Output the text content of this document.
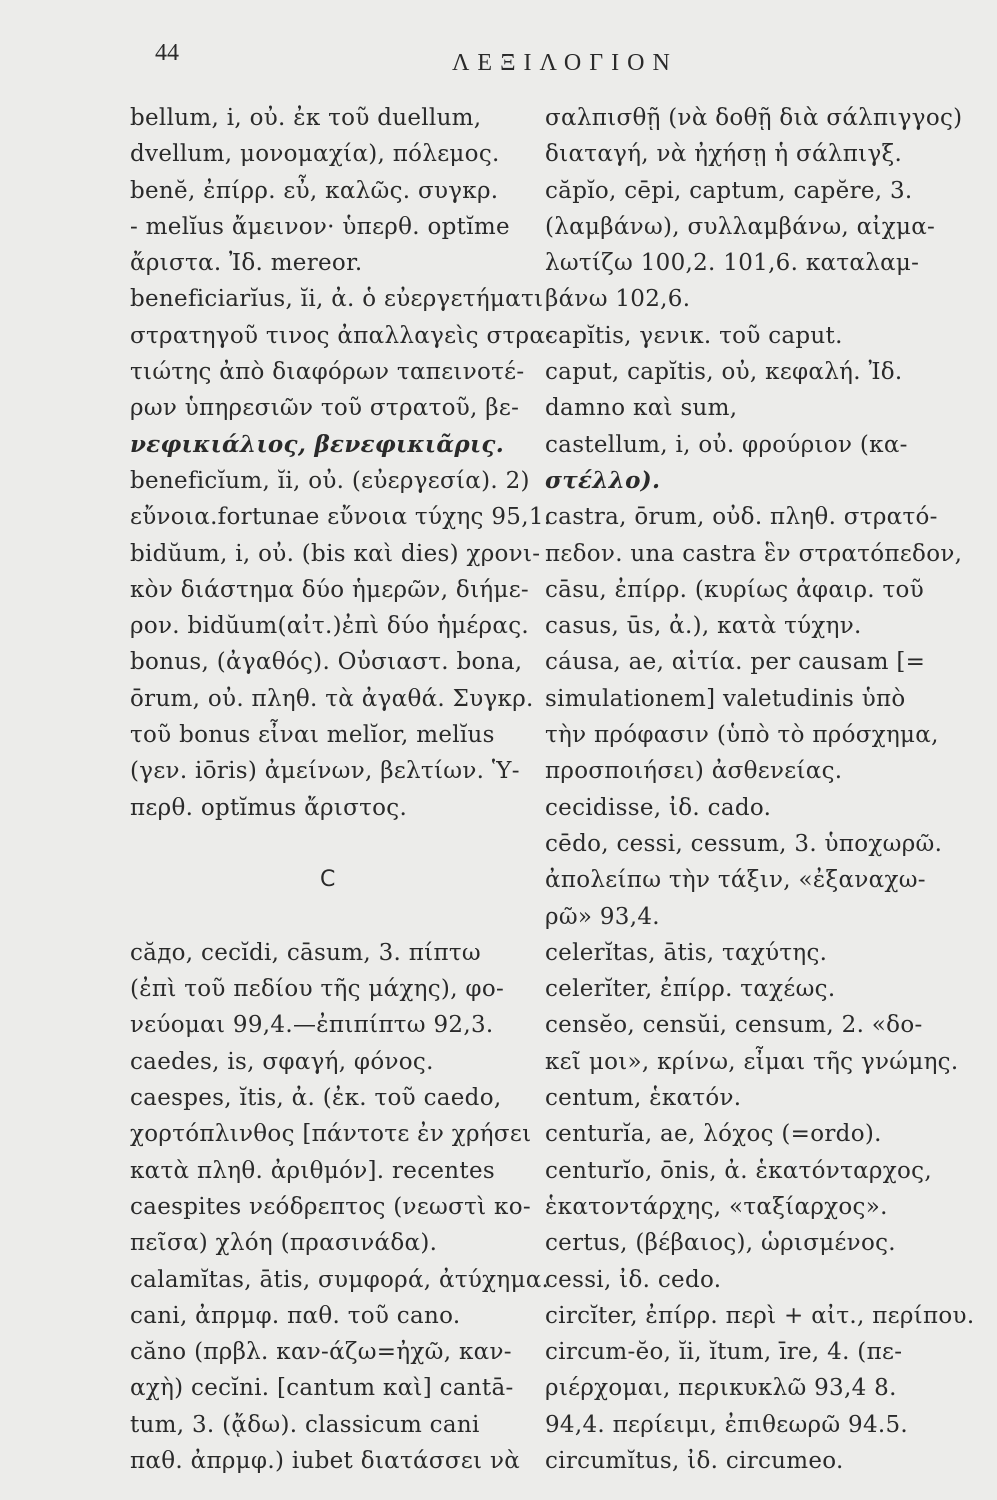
44	ΛΕΞΙΛΟΓΙΟΝ
bellum, i, οὐ. ἐκ τοῦ duellum,
dvellum, μονομαχία), πόλεμος.
benĕ, ἐπίρρ. εὖ, καλῶς. συγκρ.
- melĭus ἄμεινον· ὑπερθ. optĭme
ἄριστα. Ἰδ. mereor.
beneficiarĭus, ĭi, ἀ. ὁ εὐεργετήματι
στρατηγοῦ τινος ἀπαλλαγεὶς στρα-
τιώτης ἀπὸ διαφόρων ταπεινοτέ-
ρων ὑπηρεσιῶν τοῦ στρατοῦ, βε-
νεφικιάλιος, βενεφικιᾶρις.
beneficĭum, ĭi, οὐ. (εὐεργεσία). 2)
εὔνοια.fortunae εὔνοια τύχης 95,1.
bidŭum, i, οὐ. (bis καὶ dies) χρονι-
κὸν διάστημα δύο ἡμερῶν, διήμε-
ρον. bidŭum(αἰτ.)ἐπὶ δύο ἡμέρας.
bonus, (ἀγαθός). Οὐσιαστ. bona,
ōrum, οὐ. πληθ. τὰ ἀγαθά. Συγκρ.
τοῦ bonus εἶναι melĭor, melĭus
(γεν. iōris) ἀμείνων, βελτίων. Ὑ-
περθ. optĭmus ἄριστος.
C
căдo, cecĭdi, cāsum, 3. πίπτω
(ἐπὶ τοῦ πεδίου τῆς μάχης), φο-
νεύομαι 99,4.—ἐπιπίπτω 92,3.
caedes, is, σφαγή, φόνος.
caespes, ĭtis, ἀ. (ἐκ. τοῦ caedo,
χορτόπλινθος [πάντοτε ἐν χρήσει
κατὰ πληθ. ἀριθμόν]. recentes
caespites νεόδρεπτος (νεωστὶ κο-
πεῖσα) χλόη (πρασινάδα).
calamĭtas, ātis, συμφορά, ἀτύχημα.
cani, ἀπρμφ. παθ. τοῦ cano.
căno (πρβλ. καν-άζω=ἠχῶ, καν-
αχὴ) cecĭni. [cantum καὶ] cantā-
tum, 3. (ᾄδω). classicum cani
παθ. ἀπρμφ.) iubet διατάσσει νὰ
σαλπισθῇ (νὰ δοθῇ διὰ σάλπιγγος)
διαταγή, νὰ ἠχήσῃ ἡ σάλπιγξ.
căpĭo, cēpi, captum, capĕre, 3.
(λαμβάνω), συλλαμβάνω, αἰχμα-
λωτίζω 100,2. 101,6. καταλαμ-
βάνω 102,6.
capĭtis, γενικ. τοῦ caput.
caput, capĭtis, οὐ, κεφαλή. Ἰδ.
damno καὶ sum,
castellum, i, οὐ. φρούριον (κα-
στέλλο).
castra, ōrum, οὐδ. πληθ. στρατό-
πεδον. una castra ἓν στρατόπεδον,
cāsu, ἐπίρρ. (κυρίως ἀφαιρ. τοῦ
casus, ūs, ἀ.), κατὰ τύχην.
cáusa, ae, αἰτία. per causam [=
simulationem] valetudinis ὑπὸ
τὴν πρόφασιν (ὑπὸ τὸ πρόσχημα,
προσποιήσει) ἀσθενείας.
cecidisse, ἰδ. cado.
cēdo, cessi, cessum, 3. ὑποχωρῶ.
ἀπολείπω τὴν τάξιν, «ἐξαναχω-
ρῶ» 93,4.
celerĭtas, ātis, ταχύτης.
celerĭter, ἐπίρρ. ταχέως.
censĕo, censŭi, censum, 2. «δο-
κεῖ μοι», κρίνω, εἶμαι τῆς γνώμης.
centum, ἑκατόν.
centurĭa, ae, λόχος (=ordo).
centurĭo, ōnis, ἀ. ἑκατόνταρχος,
ἑκατοντάρχης, «ταξίαρχος».
certus, (βέβαιος), ὡρισμένος.
cessi, ἰδ. cedo.
circĭter, ἐπίρρ. περὶ + αἰτ., περίπου.
circum-ĕo, ĭi, ĭtum, īre, 4. (πε-
ριέρχομαι, περικυκλῶ 93,4 8.
94,4. περίειμι, ἐπιθεωρῶ 94.5.
circumĭtus, ἰδ. circumeo.
